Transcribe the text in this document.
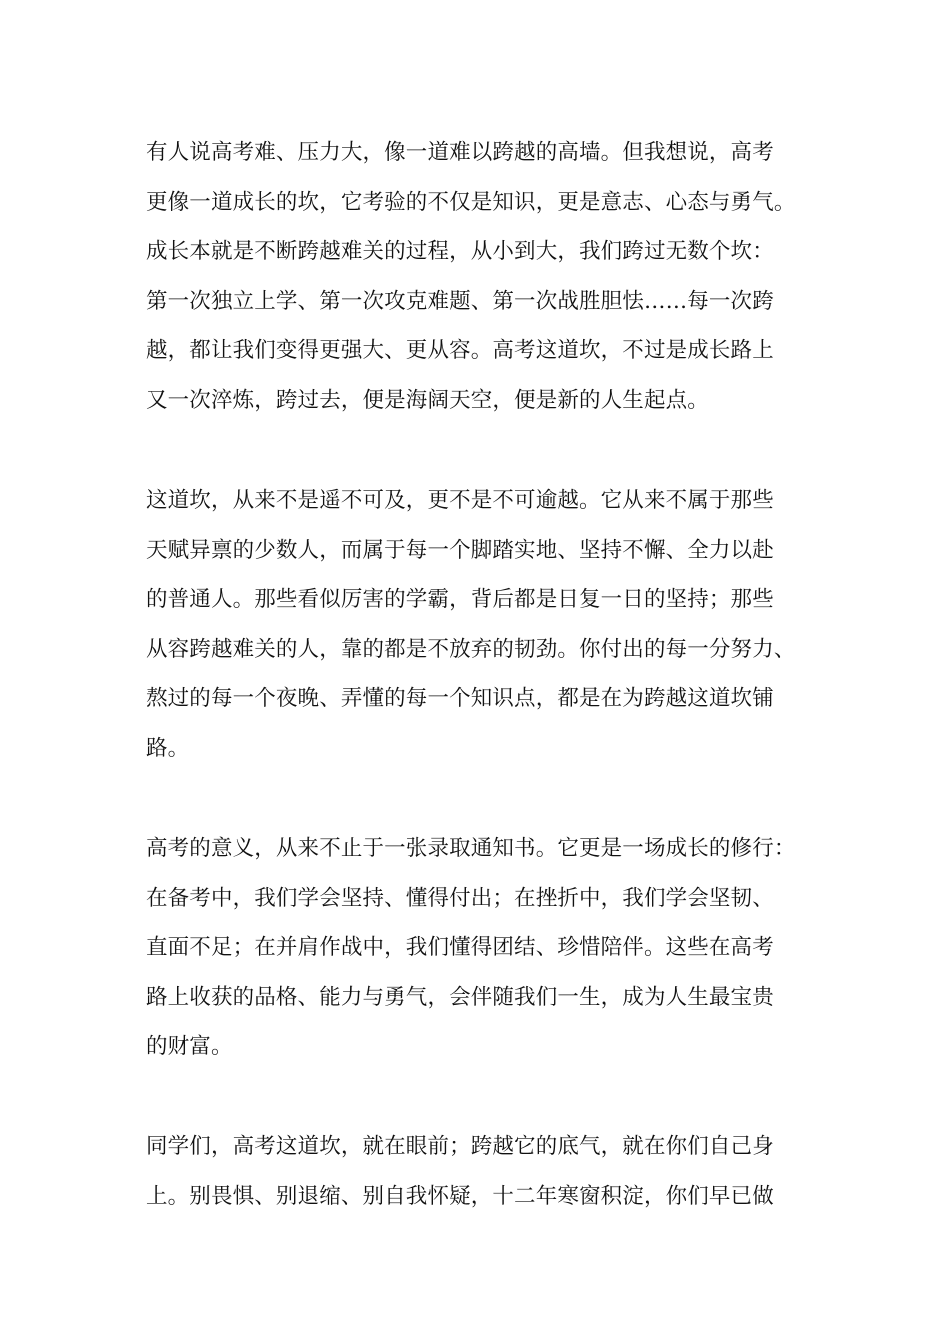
有人说高考难、压力大，像一道难以跨越的高墙。但我想说，高考
更像一道成长的坎，它考验的不仅是知识，更是意志、心态与勇气。
成长本就是不断跨越难关的过程，从小到大，我们跨过无数个坎：
第一次独立上学、第一次攻克难题、第一次战胜胆怯……每一次跨
越，都让我们变得更强大、更从容。高考这道坎，不过是成长路上
又一次淬炼，跨过去，便是海阔天空，便是新的人生起点。
这道坎，从来不是遥不可及，更不是不可逾越。它从来不属于那些
天赋异禀的少数人，而属于每一个脚踏实地、坚持不懈、全力以赴
的普通人。那些看似厉害的学霸，背后都是日复一日的坚持；那些
从容跨越难关的人，靠的都是不放弃的韧劲。你付出的每一分努力、
熬过的每一个夜晚、弄懂的每一个知识点，都是在为跨越这道坎铺
路。
高考的意义，从来不止于一张录取通知书。它更是一场成长的修行：
在备考中，我们学会坚持、懂得付出；在挫折中，我们学会坚韧、
直面不足；在并肩作战中，我们懂得团结、珍惜陪伴。这些在高考
路上收获的品格、能力与勇气，会伴随我们一生，成为人生最宝贵
的财富。
同学们，高考这道坎，就在眼前；跨越它的底气，就在你们自己身
上。别畏惧、别退缩、别自我怀疑，十二年寒窗积淀，你们早已做
